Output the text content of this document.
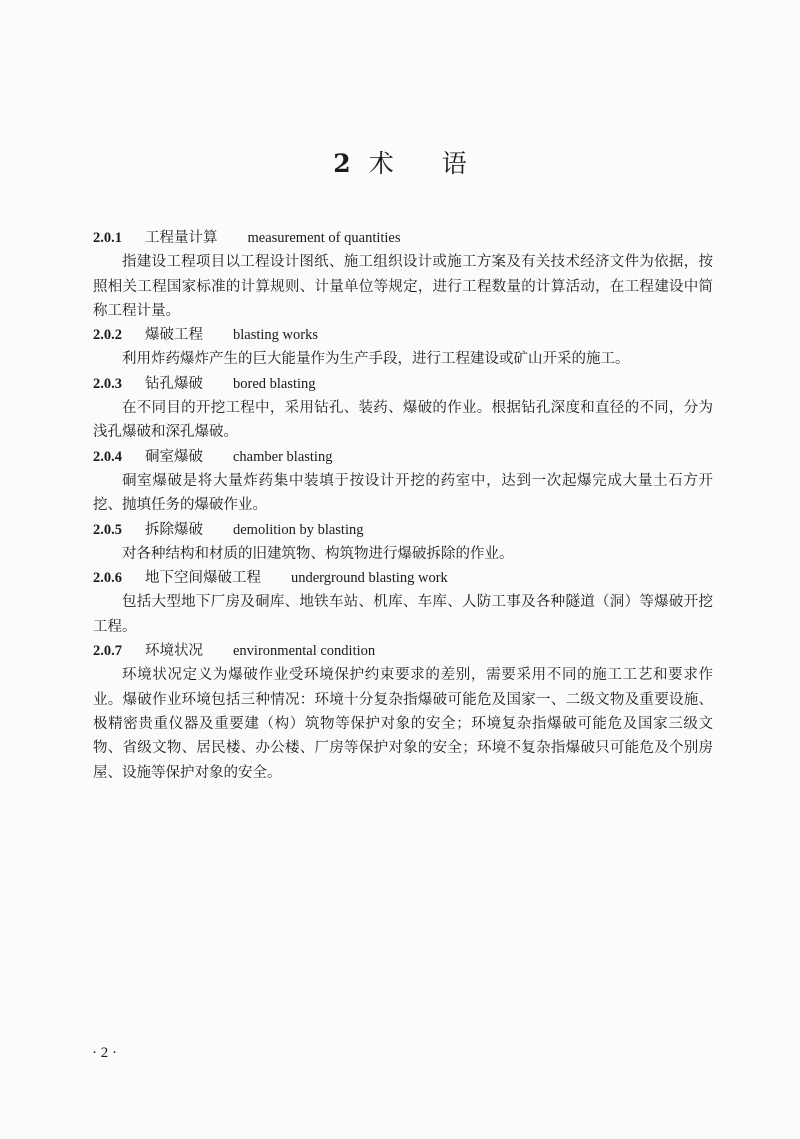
2 术 语
2.0.1 工程量计算 measurement of quantities

指建设工程项目以工程设计图纸、施工组织设计或施工方案及有关技术经济文件为依据，按照相关工程国家标准的计算规则、计量单位等规定，进行工程数量的计算活动，在工程建设中简称工程计量。

2.0.2 爆破工程 blasting works

利用炸药爆炸产生的巨大能量作为生产手段，进行工程建设或矿山开采的施工。

2.0.3 钻孔爆破 bored blasting

在不同目的开挖工程中，采用钻孔、装药、爆破的作业。根据钻孔深度和直径的不同，分为浅孔爆破和深孔爆破。

2.0.4 硐室爆破 chamber blasting

硐室爆破是将大量炸药集中装填于按设计开挖的药室中，达到一次起爆完成大量土石方开挖、抛填任务的爆破作业。

2.0.5 拆除爆破 demolition by blasting

对各种结构和材质的旧建筑物、构筑物进行爆破拆除的作业。

2.0.6 地下空间爆破工程 underground blasting work

包括大型地下厂房及硐库、地铁车站、机库、车库、人防工事及各种隧道（洞）等爆破开挖工程。

2.0.7 环境状况 environmental condition

环境状况定义为爆破作业受环境保护约束要求的差别，需要采用不同的施工工艺和要求作业。爆破作业环境包括三种情况：环境十分复杂指爆破可能危及国家一、二级文物及重要设施、极精密贵重仪器及重要建（构）筑物等保护对象的安全；环境复杂指爆破可能危及国家三级文物、省级文物、居民楼、办公楼、厂房等保护对象的安全；环境不复杂指爆破只可能危及个别房屋、设施等保护对象的安全。

· 2 ·
